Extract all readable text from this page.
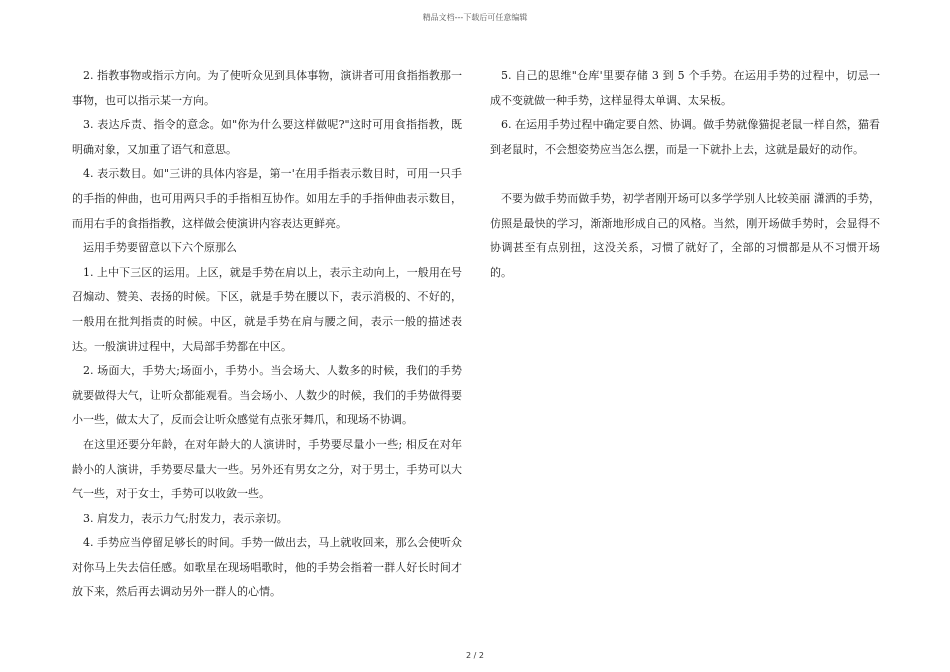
精品文档---下载后可任意编辑

2. 指教事物或指示方向。为了使听众见到具体事物，演讲者可用食指指教那一事物，也可以指示某一方向。

3. 表达斥责、指令的意念。如"你为什么要这样做呢?"这时可用食指指教，既明确对象，又加重了语气和意思。

4. 表示数目。如"三讲的具体内容是，第一'在用手指表示数目时，可用一只手的手指的伸曲，也可用两只手的手指相互协作。如用左手的手指伸曲表示数目，而用右手的食指指教，这样做会使演讲内容表达更鲜亮。

运用手势要留意以下六个原那么

1. 上中下三区的运用。上区，就是手势在肩以上，表示主动向上，一般用在号召煽动、赞美、表扬的时候。下区，就是手势在腰以下，表示消极的、不好的，一般用在批判指责的时候。中区，就是手势在肩与腰之间，表示一般的描述表达。一般演讲过程中，大局部手势都在中区。

2. 场面大，手势大;场面小，手势小。当会场大、人数多的时候，我们的手势就要做得大气，让听众都能观看。当会场小、人数少的时候，我们的手势做得要小一些，做太大了，反而会让听众感觉有点张牙舞爪，和现场不协调。

在这里还要分年龄，在对年龄大的人演讲时，手势要尽量小一些; 相反在对年龄小的人演讲，手势要尽量大一些。另外还有男女之分，对于男士，手势可以大气一些，对于女士，手势可以收敛一些。

3. 肩发力，表示力气;肘发力，表示亲切。

4. 手势应当停留足够长的时间。手势一做出去，马上就收回来，那么会使听众对你马上失去信任感。如歌星在现场唱歌时，他的手势会指着一群人好长时间才放下来，然后再去调动另外一群人的心情。

5. 自己的思维"仓库'里要存储 3 到 5 个手势。在运用手势的过程中，切忌一成不变就做一种手势，这样显得太单调、太呆板。

6. 在运用手势过程中确定要自然、协调。做手势就像猫捉老鼠一样自然，猫看到老鼠时，不会想姿势应当怎么摆，而是一下就扑上去，这就是最好的动作。

不要为做手势而做手势，初学者刚开场可以多学学别人比较美丽 潇洒的手势，仿照是最快的学习，渐渐地形成自己的风格。当然，刚开场做手势时，会显得不协调甚至有点别扭，这没关系，习惯了就好了，全部的习惯都是从不习惯开场的。

2 / 2
